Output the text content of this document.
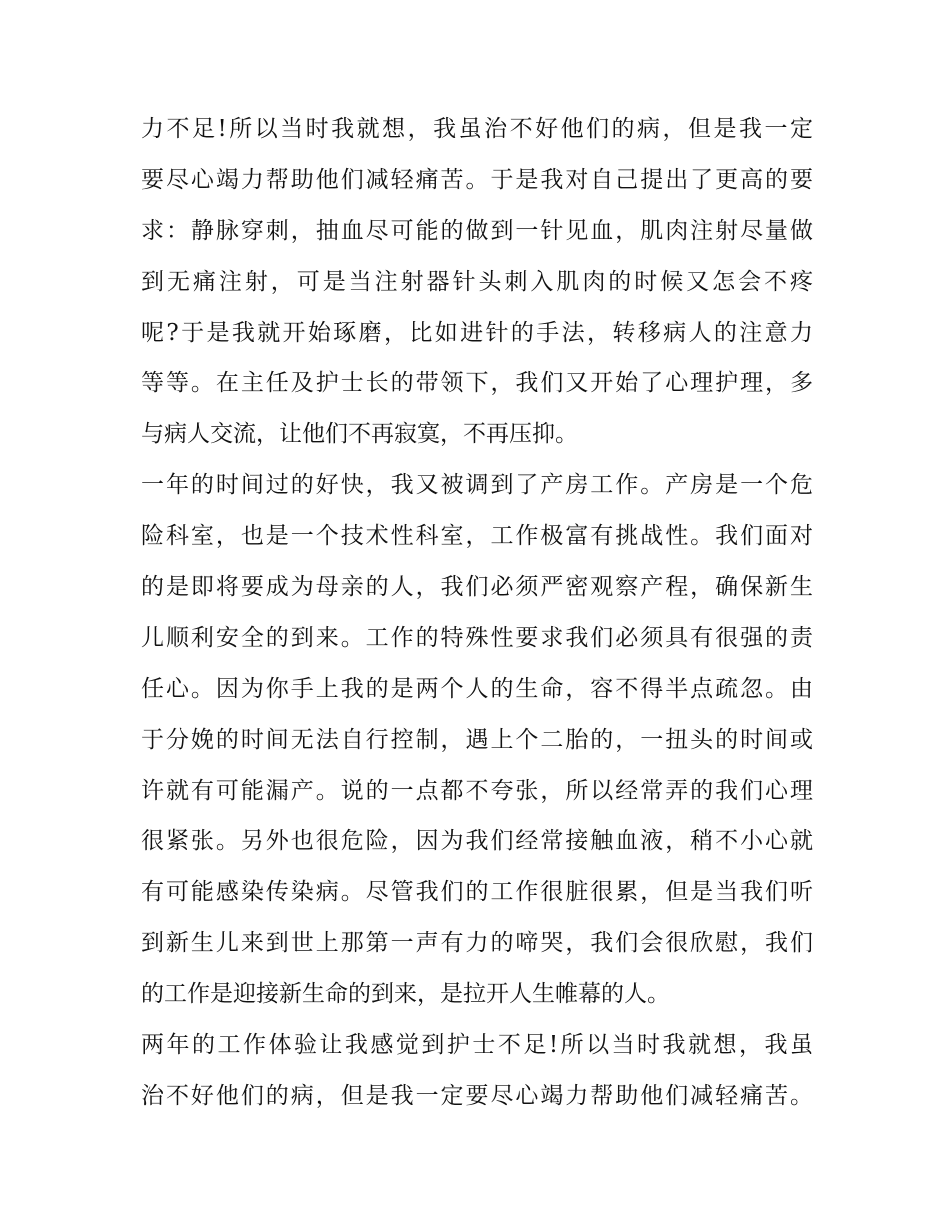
力不足!所以当时我就想，我虽治不好他们的病，但是我一定
要尽心竭力帮助他们减轻痛苦。于是我对自己提出了更高的要
求：静脉穿刺，抽血尽可能的做到一针见血，肌肉注射尽量做
到无痛注射，可是当注射器针头刺入肌肉的时候又怎会不疼
呢?于是我就开始琢磨，比如进针的手法，转移病人的注意力
等等。在主任及护士长的带领下，我们又开始了心理护理，多
与病人交流，让他们不再寂寞，不再压抑。
一年的时间过的好快，我又被调到了产房工作。产房是一个危
险科室，也是一个技术性科室，工作极富有挑战性。我们面对
的是即将要成为母亲的人，我们必须严密观察产程，确保新生
儿顺利安全的到来。工作的特殊性要求我们必须具有很强的责
任心。因为你手上我的是两个人的生命，容不得半点疏忽。由
于分娩的时间无法自行控制，遇上个二胎的，一扭头的时间或
许就有可能漏产。说的一点都不夸张，所以经常弄的我们心理
很紧张。另外也很危险，因为我们经常接触血液，稍不小心就
有可能感染传染病。尽管我们的工作很脏很累，但是当我们听
到新生儿来到世上那第一声有力的啼哭，我们会很欣慰，我们
的工作是迎接新生命的到来，是拉开人生帷幕的人。
两年的工作体验让我感觉到护士不足!所以当时我就想，我虽
治不好他们的病，但是我一定要尽心竭力帮助他们减轻痛苦。
